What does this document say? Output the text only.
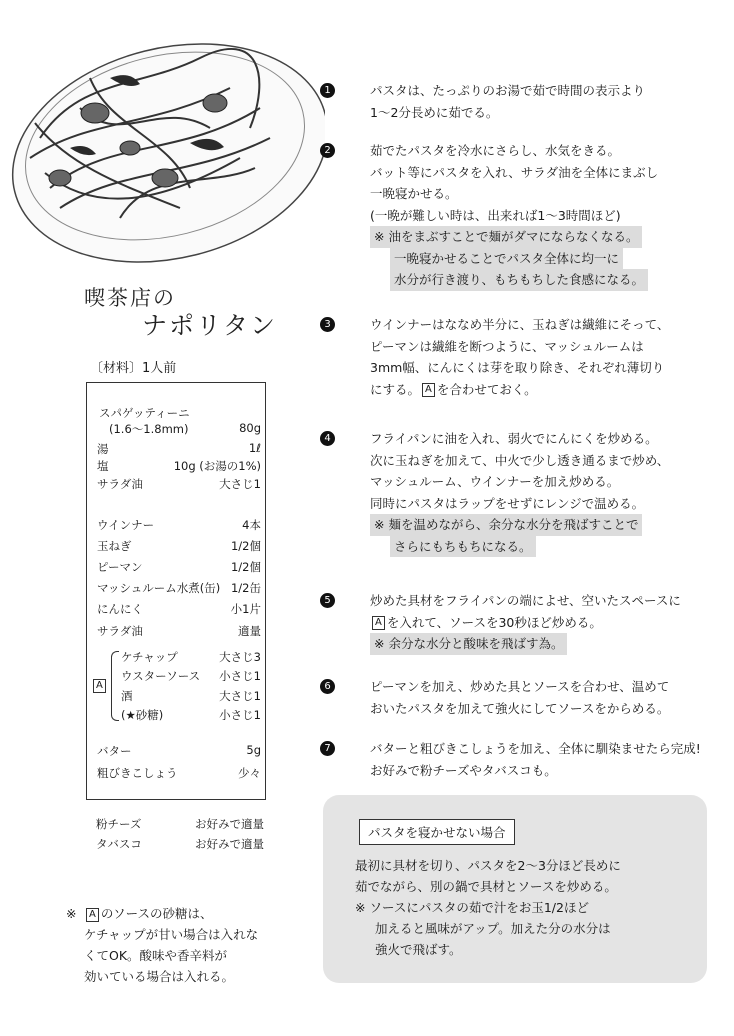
喫茶店の
ナポリタン
〔材料〕1人前
スパゲッティーニ
(1.6～1.8mm)	80g
湯	1ℓ
塩	10g (お湯の1%)
サラダ油	大さじ1
ウインナー	4本
玉ねぎ	1/2個
ピーマン	1/2個
マッシュルーム水煮(缶) 1/2缶
にんにく	小1片
サラダ油	適量
A
ケチャップ	大さじ3
ウスターソース 小さじ1
酒	大さじ1
(★砂糖)	小さじ1
バター	5g
粗びきこしょう	少々
粉チーズ	お好みで適量
タバスコ	お好みで適量
※	A のソースの砂糖は、
ケチャップが甘い場合は入れな
くてOK。酸味や香辛料が
効いている場合は入れる。
1	パスタは、たっぷりのお湯で茹で時間の表示より
1～2分長めに茹でる。
2	茹でたパスタを冷水にさらし、水気をきる。
バット等にパスタを入れ、サラダ油を全体にまぶし
一晩寝かせる。
(一晩が難しい時は、出来れば1～3時間ほど)
※ 油をまぶすことで麺がダマにならなくなる。
一晩寝かせることでパスタ全体に均一に
水分が行き渡り、もちもちした食感になる。
3	ウインナーはななめ半分に、玉ねぎは繊維にそって、
ピーマンは繊維を断つように、マッシュルームは
3mm幅、にんにくは芽を取り除き、それぞれ薄切り
にする。 A を合わせておく。
4	フライパンに油を入れ、弱火でにんにくを炒める。
次に玉ねぎを加えて、中火で少し透き通るまで炒め、
マッシュルーム、ウインナーを加え炒める。
同時にパスタはラップをせずにレンジで温める。
※ 麺を温めながら、余分な水分を飛ばすことで
さらにもちもちになる。
5	炒めた具材をフライパンの端によせ、空いたスペースに
A を入れて、ソースを30秒ほど炒める。
※ 余分な水分と酸味を飛ばす為。
6	ピーマンを加え、炒めた具とソースを合わせ、温めて
おいたパスタを加えて強火にしてソースをからめる。
7	バターと粗びきこしょうを加え、全体に馴染ませたら完成!
お好みで粉チーズやタバスコも。
パスタを寝かせない場合
最初に具材を切り、パスタを2～3分ほど長めに
茹でながら、別の鍋で具材とソースを炒める。
※ ソースにパスタの茹で汁をお玉1/2ほど
加えると風味がアップ。加えた分の水分は
強火で飛ばす。
